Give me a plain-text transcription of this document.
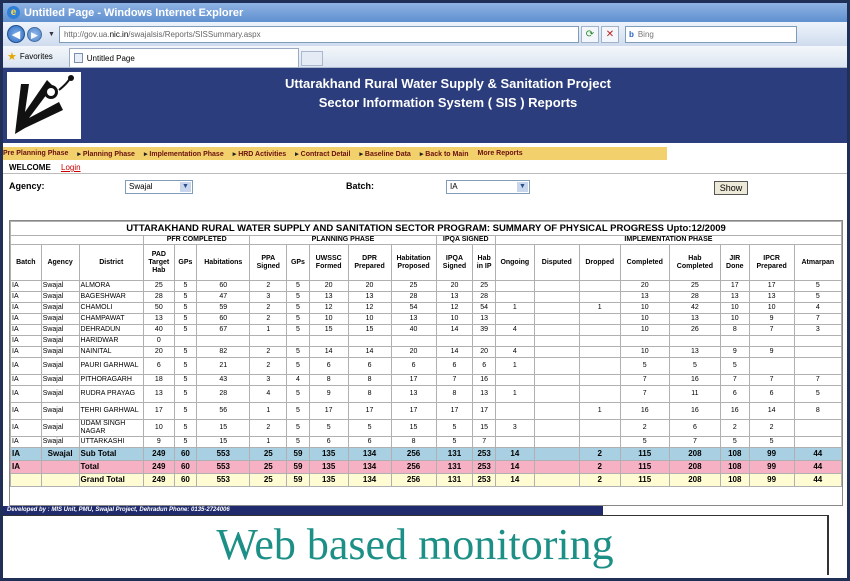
e Untitled Page - Windows Internet Explorer
◀	▶	▼ http://gov.ua. nic.in /swajalsis/Reports/SISSummary.aspx	⟳	✕	b Bing
★ Favorites	Untitled Page
Uttarakhand Rural Water Supply & Sanitation Project
Sector Information System ( SIS ) Reports
Pre Planning Phase	▸ Planning Phase	▸ Implementation Phase	▸ HRD Activities	▸ Contract Detail	▸ Baseline Data	▸ Back to Main More Reports
WELCOME Login
Agency:	Swajal	▼	Batch:	IA	▼	Show
UTTARAKHAND RURAL WATER SUPPLY AND SANITATION SECTOR PROGRAM: SUMMARY OF PHYSICAL PROGRESS Upto:12/2009																				
			PFR COMPLETED			PLANNING PHASE					IPQA SIGNED		IMPLEMENTATION PHASE							
Batch	Agency	District	PAD Target Hab	GPs	Habitations	PPA Signed	GPs	UWSSC Formed	DPR Prepared	Habitation Proposed	IPQA Signed	Hab in IP	Ongoing	Disputed	Dropped	Completed	Hab Completed	JIR Done	IPCR Prepared	Atmarpan
IA	Swajal	ALMORA	25	5	60	2	5	20	20	25	20	25				20	25	17	17	5
IA	Swajal	BAGESHWAR	28	5	47	3	5	13	13	28	13	28				13	28	13	13	5
IA	Swajal	CHAMOLI	50	5	59	2	5	12	12	54	12	54	1		1	10	42	10	10	4
IA	Swajal	CHAMPAWAT	13	5	60	2	5	10	10	13	10	13				10	13	10	9	7
IA	Swajal	DEHRADUN	40	5	67	1	5	15	15	40	14	39	4			10	26	8	7	3
IA	Swajal	HARIDWAR	0																	
IA	Swajal	NAINITAL	20	5	82	2	5	14	14	20	14	20	4			10	13	9	9	
IA	Swajal	PAURI GARHWAL	6	5	21	2	5	6	6	6	6	6	1			5	5	5		
IA	Swajal	PITHORAGARH	18	5	43	3	4	8	8	17	7	16				7	16	7	7	7
IA	Swajal	RUDRA PRAYAG	13	5	28	4	5	9	8	13	8	13	1			7	11	6	6	5
IA	Swajal	TEHRI GARHWAL	17	5	56	1	5	17	17	17	17	17			1	16	16	16	14	8
IA	Swajal	UDAM SINGH NAGAR	10	5	15	2	5	5	5	15	5	15	3			2	6	2	2	
IA	Swajal	UTTARKASHI	9	5	15	1	5	6	6	8	5	7				5	7	5	5	
IA	Swajal	Sub Total	249	60	553	25	59	135	134	256	131	253	14		2	115	208	108	99	44
IA		Total	249	60	553	25	59	135	134	256	131	253	14		2	115	208	108	99	44
		Grand Total	249	60	553	25	59	135	134	256	131	253	14		2	115	208	108	99	44
Developed by : MIS Unit, PMU, Swajal Project, Dehradun Phone: 0135-2724006
Web based monitoring
